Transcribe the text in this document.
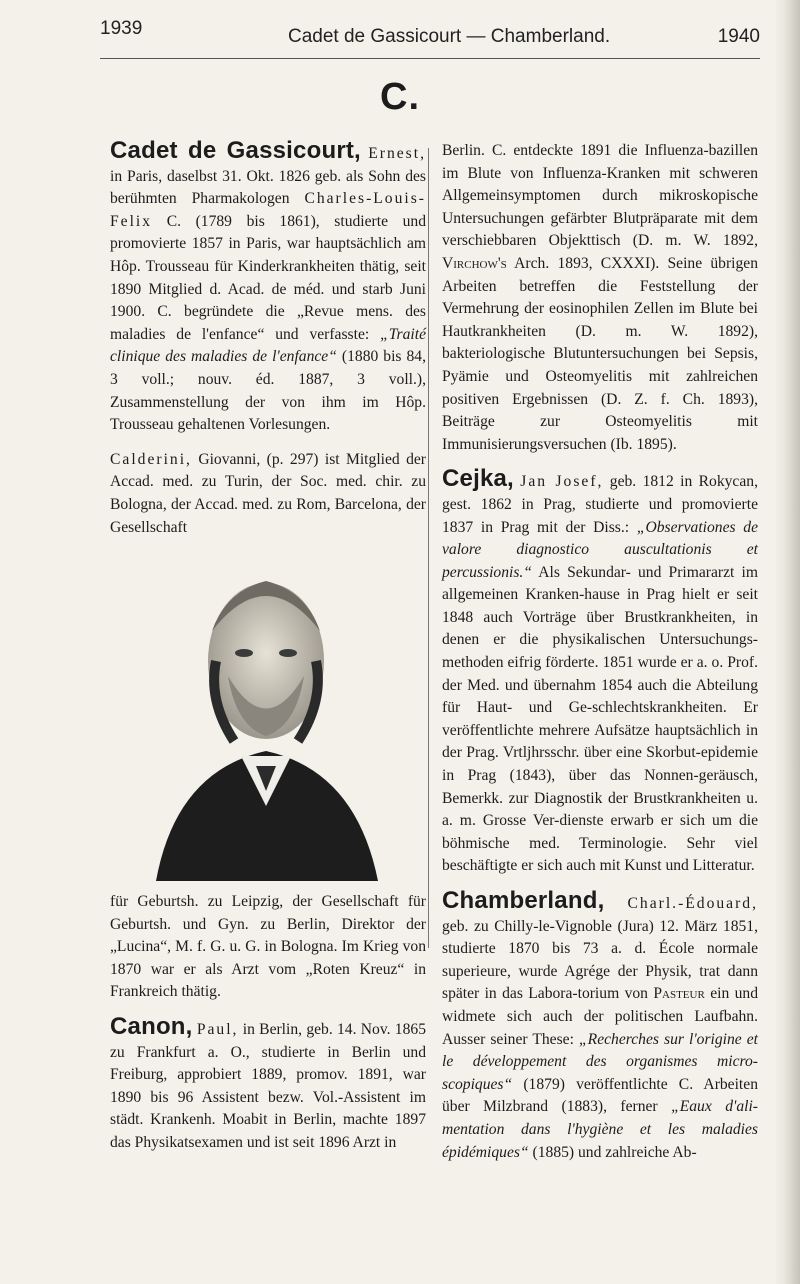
1939	Cadet de Gassicourt — Chamberland.	1940
C.

Cadet de Gassicourt, Ernest, in Paris, daselbst 31. Okt. 1826 geb. als Sohn des berühmten Pharmakologen Charles-Louis-Felix C. (1789 bis 1861), studierte und promovierte 1857 in Paris, war hauptsächlich am Hôp. Trousseau für Kinderkrankheiten thätig, seit 1890 Mitglied d. Acad. de méd. und starb Juni 1900. C. begründete die „Revue mens. des maladies de l'enfance“ und verfasste: „Traité clinique des maladies de l'enfance“ (1880 bis 84, 3 voll.; nouv. éd. 1887, 3 voll.), Zusammenstellung der von ihm im Hôp. Trousseau gehaltenen Vorlesungen.

Calderini, Giovanni, (p. 297) ist Mitglied der Accad. med. zu Turin, der Soc. med. chir. zu Bologna, der Accad. med. zu Rom, Barcelona, der Gesellschaft

für Geburtsh. zu Leipzig, der Gesellschaft für Geburtsh. und Gyn. zu Berlin, Direktor der „Lucina“, M. f. G. u. G. in Bologna. Im Krieg von 1870 war er als Arzt vom „Roten Kreuz“ in Frankreich thätig.

Canon, Paul, in Berlin, geb. 14. Nov. 1865 zu Frankfurt a. O., studierte in Berlin und Freiburg, approbiert 1889, promov. 1891, war 1890 bis 96 Assistent bezw. Vol.-Assistent im städt. Krankenh. Moabit in Berlin, machte 1897 das Physikatsexamen und ist seit 1896 Arzt in

Berlin. C. entdeckte 1891 die Influenza-bazillen im Blute von Influenza-Kranken mit schweren Allgemeinsymptomen durch mikroskopische Untersuchungen gefärbter Blutpräparate mit dem verschiebbaren Objekttisch (D. m. W. 1892, Virchow's Arch. 1893, CXXXI). Seine übrigen Arbeiten betreffen die Feststellung der Vermehrung der eosinophilen Zellen im Blute bei Hautkrankheiten (D. m. W. 1892), bakteriologische Blutuntersuchungen bei Sepsis, Pyämie und Osteomyelitis mit zahlreichen positiven Ergebnissen (D. Z. f. Ch. 1893), Beiträge zur Osteomyelitis mit Immunisierungsversuchen (Ib. 1895).

Cejka, Jan Josef, geb. 1812 in Rokycan, gest. 1862 in Prag, studierte und promovierte 1837 in Prag mit der Diss.: „Observationes de valore diagnostico auscultationis et percussionis.“ Als Sekundar- und Primararzt im allgemeinen Kranken-hause in Prag hielt er seit 1848 auch Vorträge über Brustkrankheiten, in denen er die physikalischen Untersuchungs-methoden eifrig förderte. 1851 wurde er a. o. Prof. der Med. und übernahm 1854 auch die Abteilung für Haut- und Ge-schlechtskrankheiten. Er veröffentlichte mehrere Aufsätze hauptsächlich in der Prag. Vrtljhrsschr. über eine Skorbut-epidemie in Prag (1843), über das Nonnen-geräusch, Bemerkk. zur Diagnostik der Brustkrankheiten u. a. m. Grosse Ver-dienste erwarb er sich um die böhmische med. Terminologie. Sehr viel beschäftigte er sich auch mit Kunst und Litteratur.

Chamberland, Charl.-Édouard, geb. zu Chilly-le-Vignoble (Jura) 12. März 1851, studierte 1870 bis 73 a. d. École normale superieure, wurde Agrége der Physik, trat dann später in das Labora-torium von Pasteur ein und widmete sich auch der politischen Laufbahn. Ausser seiner These: „Recherches sur l'origine et le développement des organismes micro-scopiques“ (1879) veröffentlichte C. Arbeiten über Milzbrand (1883), ferner „Eaux d'ali-mentation dans l'hygiène et les maladies épidémiques“ (1885) und zahlreiche Ab-
